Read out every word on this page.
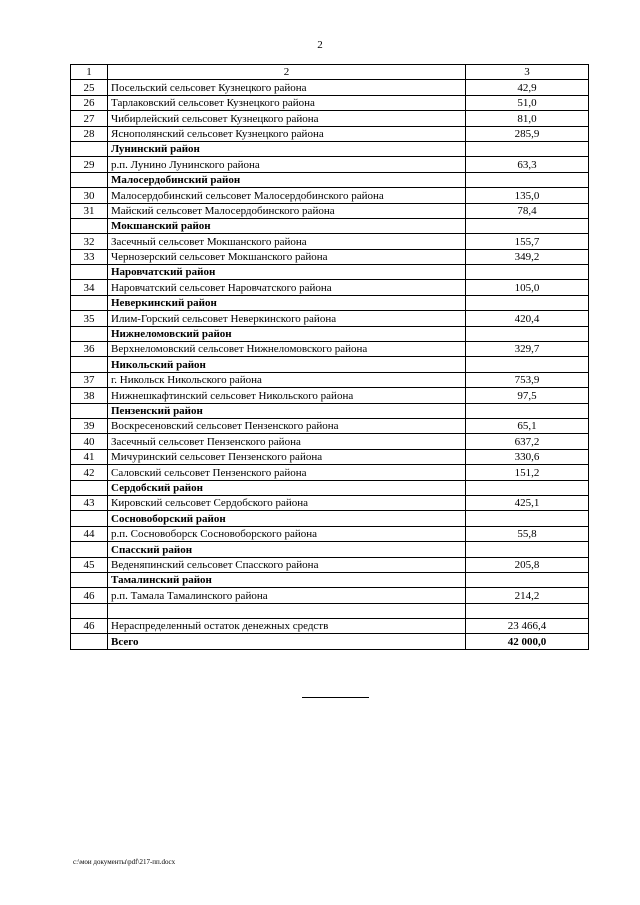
2
1	2	3
25	Посельский сельсовет Кузнецкого района	42,9
26	Тарлаковский сельсовет Кузнецкого района	51,0
27	Чибирлейский сельсовет Кузнецкого района	81,0
28	Яснополянский сельсовет Кузнецкого района	285,9
	Лунинский район	
29	р.п. Лунино Лунинского района	63,3
	Малосердобинский район	
30	Малосердобинский сельсовет Малосердобинского района	135,0
31	Майский сельсовет Малосердобинского района	78,4
	Мокшанский район	
32	Засечный сельсовет Мокшанского района	155,7
33	Чернозерский сельсовет Мокшанского района	349,2
	Наровчатский район	
34	Наровчатский сельсовет Наровчатского района	105,0
	Неверкинский район	
35	Илим-Горский сельсовет Неверкинского района	420,4
	Нижнеломовский район	
36	Верхнеломовский сельсовет Нижнеломовского района	329,7
	Никольский район	
37	г. Никольск Никольского района	753,9
38	Нижнешкафтинский сельсовет Никольского района	97,5
	Пензенский район	
39	Воскресеновский сельсовет Пензенского района	65,1
40	Засечный сельсовет Пензенского района	637,2
41	Мичуринский сельсовет Пензенского района	330,6
42	Саловский сельсовет Пензенского района	151,2
	Сердобский район	
43	Кировский сельсовет Сердобского района	425,1
	Сосновоборский район	
44	р.п. Сосновоборск Сосновоборского района	55,8
	Спасский район	
45	Веденяпинский сельсовет Спасского района	205,8
	Тамалинский район	
46	р.п. Тамала Тамалинского района	214,2

46	Нераспределенный остаток денежных средств	23 466,4
	Всего	42 000,0
c:\мои документы\pdf\217-пп.docx
